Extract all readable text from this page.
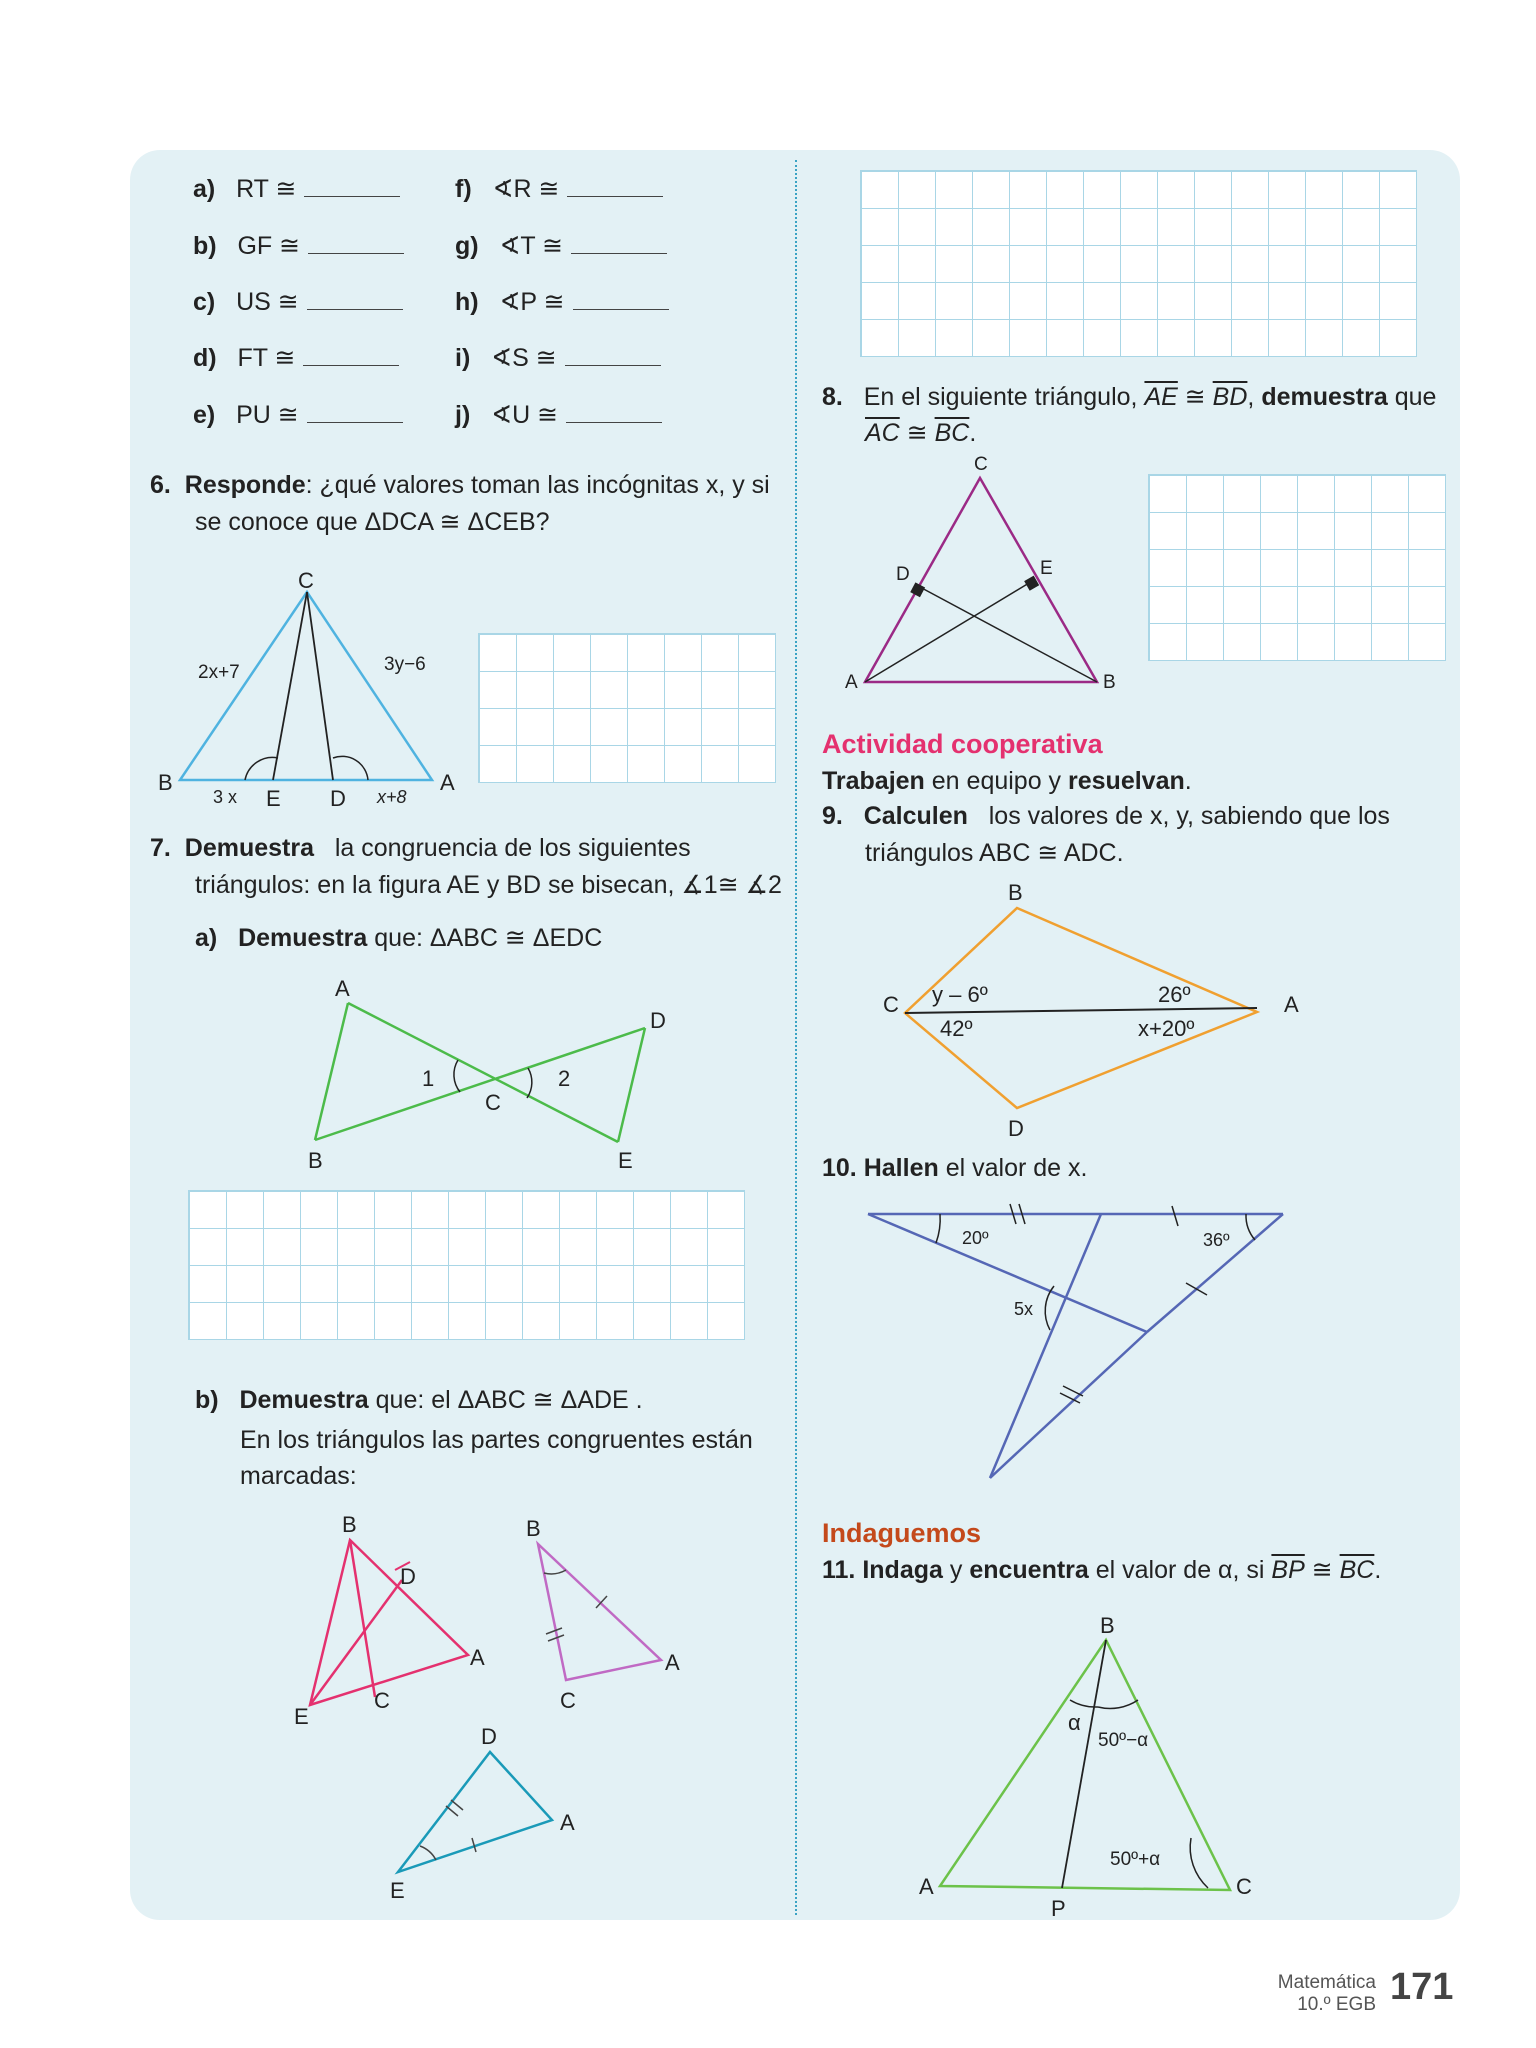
a) RT ≅
b) GF ≅
c) US ≅
d) FT ≅
e) PU ≅
f) ∢R ≅
g) ∢T ≅
h) ∢P ≅
i) ∢S ≅
j) ∢U ≅
6. Responde: ¿qué valores toman las incógnitas x, y si
se conoce que ΔDCA ≅ ΔCEB?
C
B	A
E D
2x+7	3y−6
3 x	x+8
A
B
C
D
E
1	2
B
D
A
E
C
B
A
C
D
A
E
C
D	E
A	B
B
C	A
D
y – 6º	26º
42º	x+20º
20º	36º
5x
B
A	C
P
α
50º−α
50º+α
7. Demuestra la congruencia de los siguientes
triángulos: en la figura AE y BD se bisecan, ∡1≅ ∡2
a) Demuestra que: ΔABC ≅ ΔEDC
b) Demuestra que: el ΔABC ≅ ΔADE .
En los triángulos las partes congruentes están
marcadas:
8. En el siguiente triángulo, $\overline{AE}$ ≅ $\overline{BD}$, demuestra que
$\overline{AC}$ ≅ $\overline{BC}$.
Actividad cooperativa
Trabajen en equipo y resuelvan.
9. Calculen los valores de x, y, sabiendo que los
triángulos ABC ≅ ADC.
10. Hallen el valor de x.
Indaguemos
11. Indaga y encuentra el valor de α, si $\overline{BP}$ ≅ $\overline{BC}$.
Matemática
10.º EGB 171
